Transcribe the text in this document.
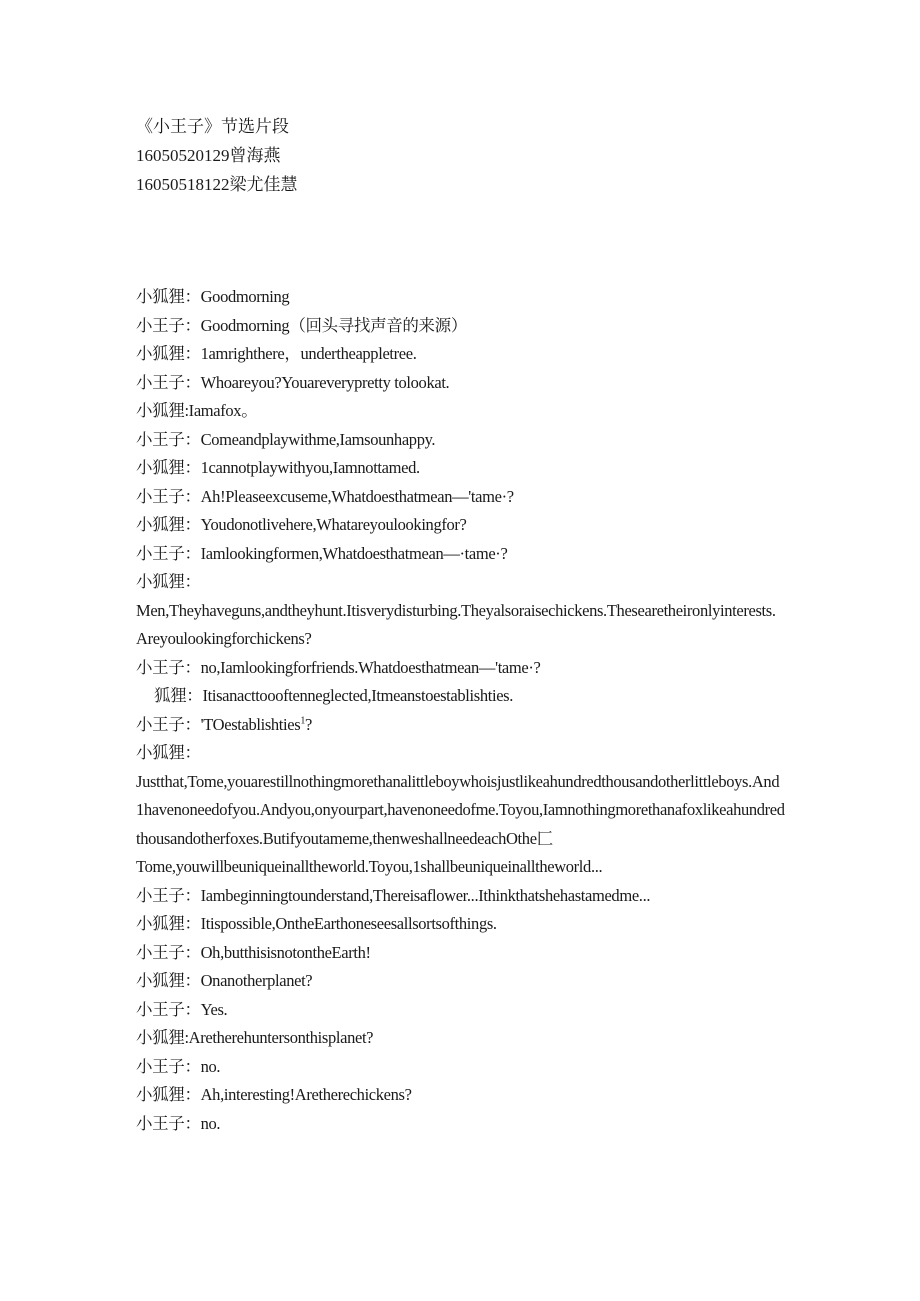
《小王子》节选片段
16050520129曾海燕
16050518122梁尤佳慧
小狐狸：Goodmorning
小王子：Goodmorning（回头寻找声音的来源）
小狐狸：1amrighthere，undertheappletree.
小王子：Whoareyou?Youareverypretty tolookat.
小狐狸:Iamafox。
小王子：Comeandplaywithme,Iamsounhappy.
小狐狸：1cannotplaywithyou,Iamnottamed.
小王子：Ah!Pleaseexcuseme,Whatdoesthatmean—'tame·?
小狐狸：Youdonotlivehere,Whatareyoulookingfor?
小王子：Iamlookingformen,Whatdoesthatmean—·tame·?
小狐狸：
Men,Theyhaveguns,andtheyhunt.Itisverydisturbing.Theyalsoraisechickens.Thesearetheironlyinterests.Areyoulookingforchickens?
小王子：no,Iamlookingforfriends.Whatdoesthatmean—'tame·?
狐狸：Itisanacttoooftenneglected,Itmeanstoestablishties.
小王子：'TOestablishties$^1$?
小狐狸：
Justthat,Tome,youarestillnothingmorethanalittleboywhoisjustlikeahundredthousandotherlittleboys.And1havenoneedofyou.Andyou,onyourpart,havenoneedofme.Toyou,Iamnothingmorethanafoxlikeahundredthousandotherfoxes.Butifyoutameme,thenweshallneedeachOthe匚
Tome,youwillbeuniqueinalltheworld.Toyou,1shallbeuniqueinalltheworld...
小王子：Iambeginningtounderstand,Thereisaflower...Ithinkthatshehastamedme...
小狐狸：Itispossible,OntheEarthoneseesallsortsofthings.
小王子：Oh,butthisisnotontheEarth!
小狐狸：Onanotherplanet?
小王子：Yes.
小狐狸:Aretherehuntersonthisplanet?
小王子：no.
小狐狸：Ah,interesting!Aretherechickens?
小王子：no.
